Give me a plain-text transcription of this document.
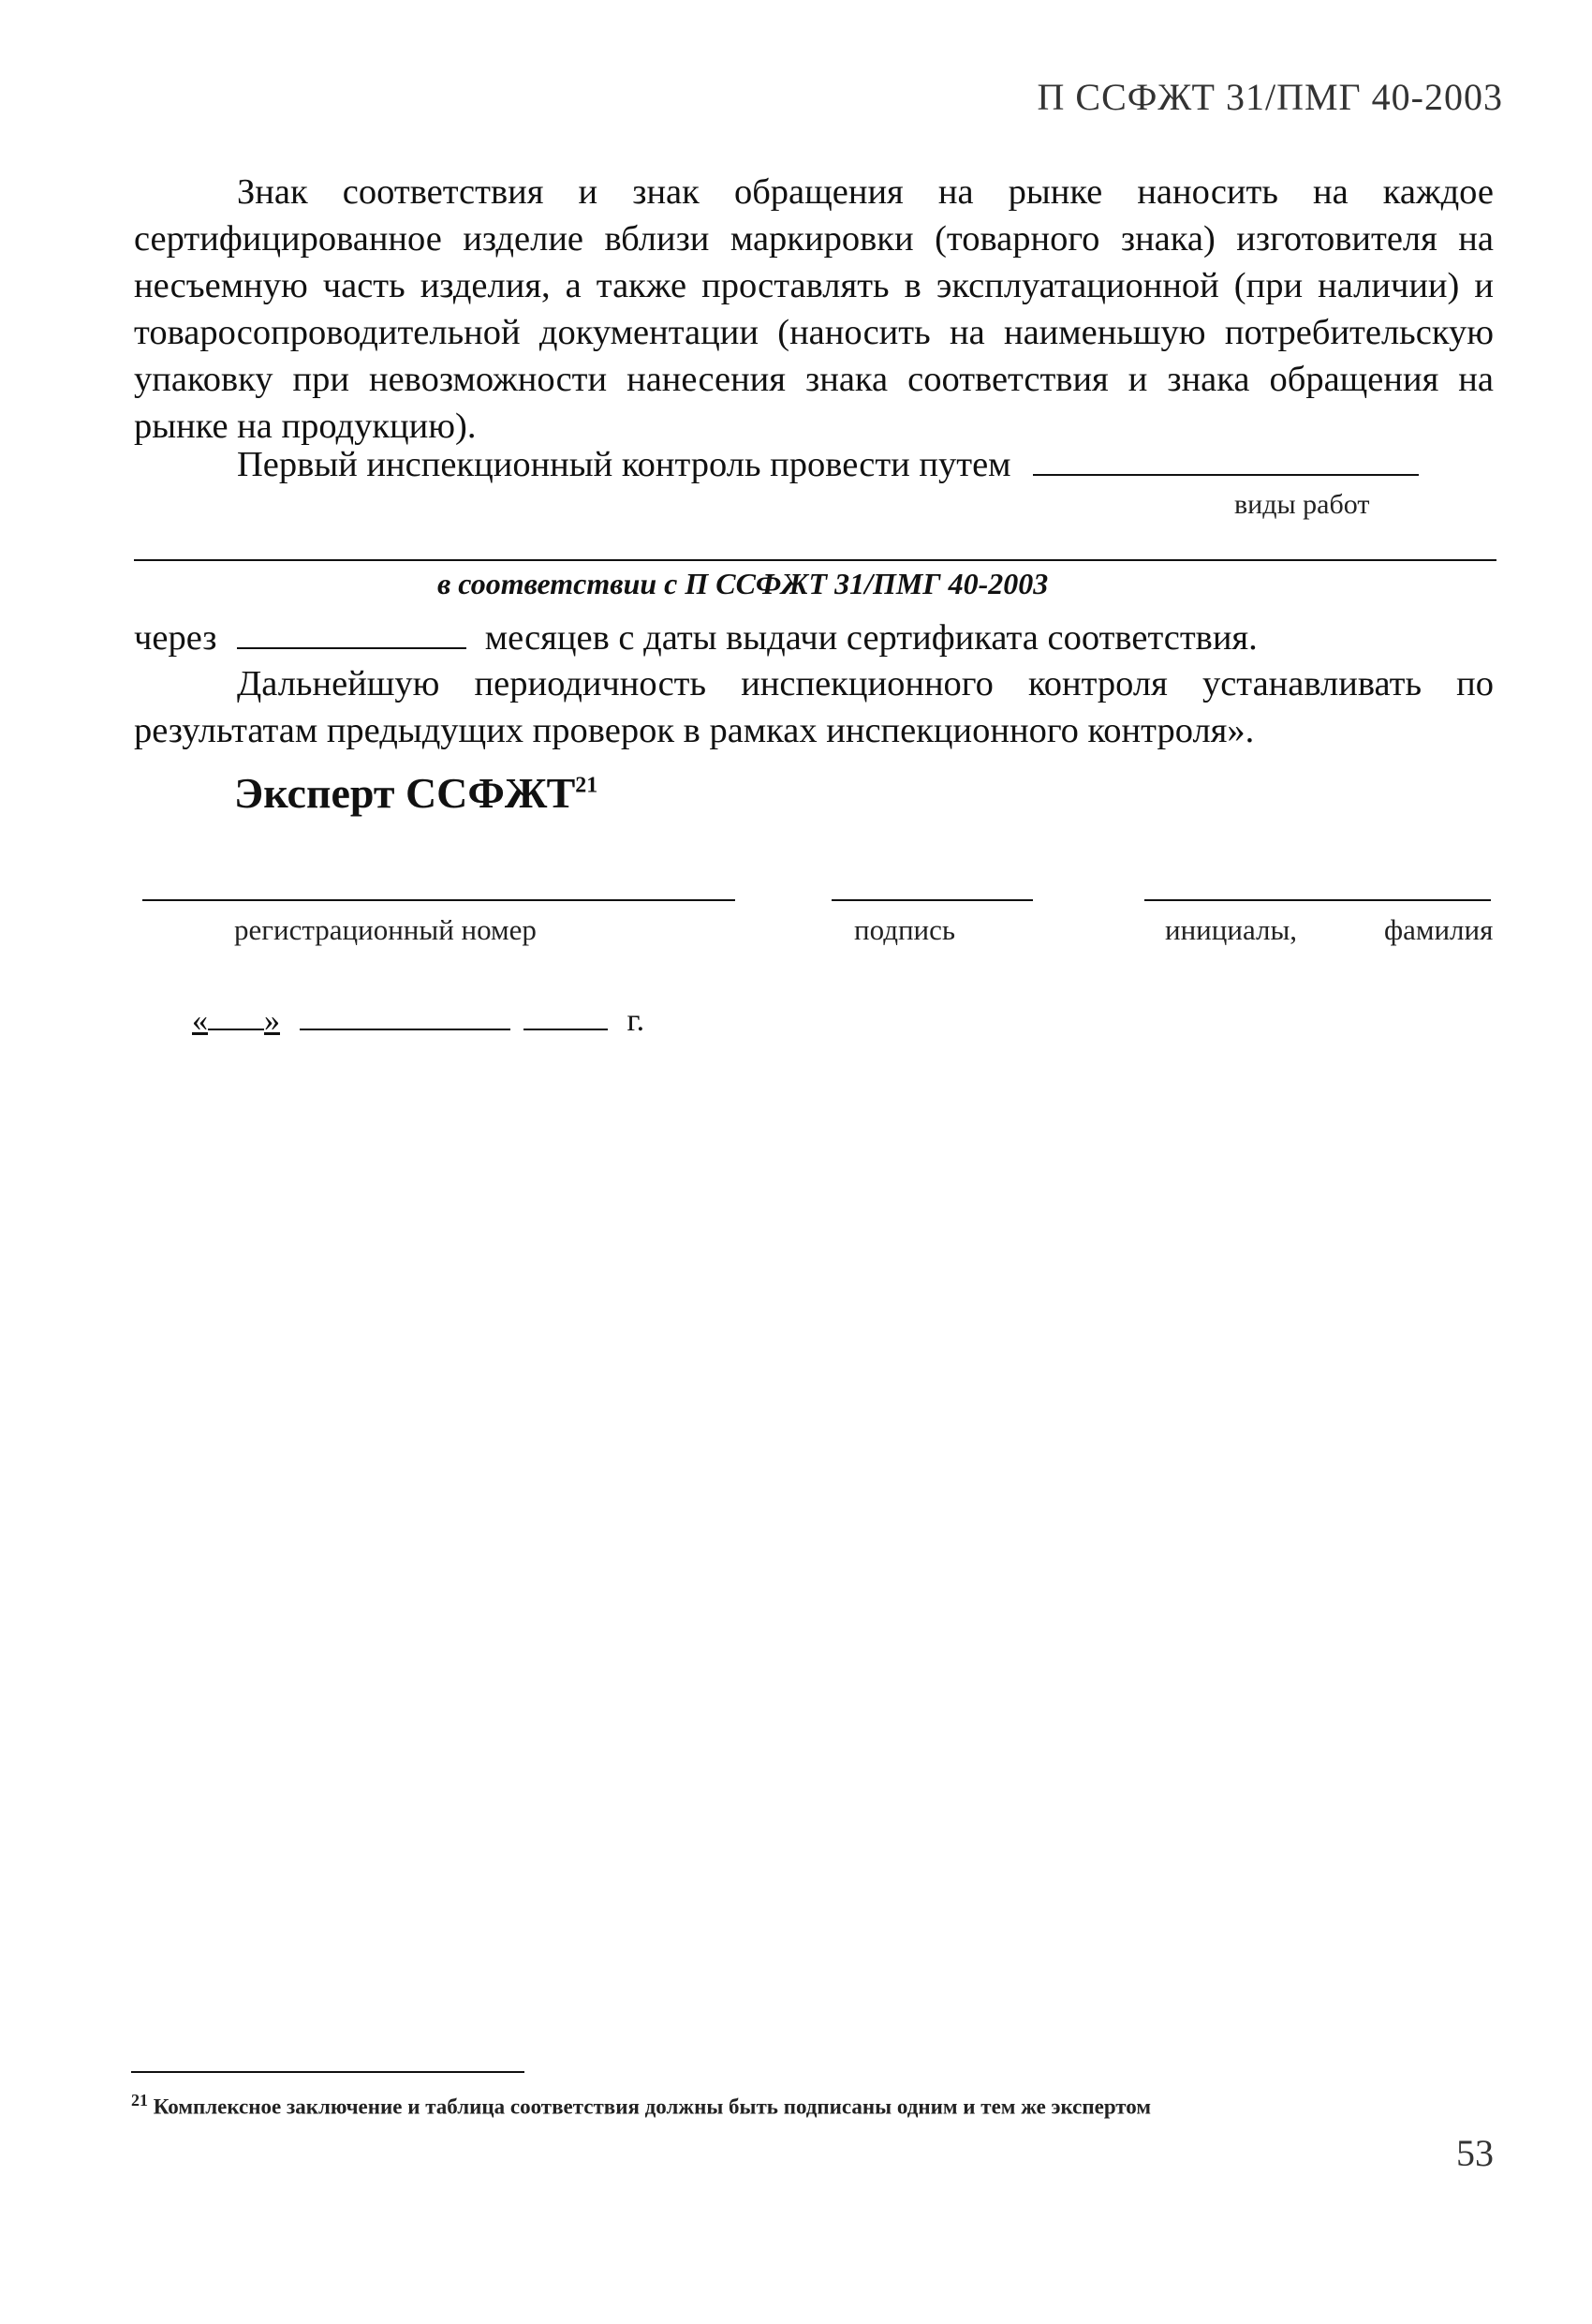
П ССФЖТ 31/ПМГ 40-2003
Знак соответствия и знак обращения на рынке наносить на каждое сертифицированное изделие вблизи маркировки (товарного знака) изготовителя на несъемную часть изделия, а также проставлять в эксплуатационной (при наличии) и товаросопроводительной документации (наносить на наименьшую потребительскую упаковку при невозможности нанесения знака соответствия и знака обращения на рынке на продукцию).
Первый инспекционный контроль провести путем
виды работ
в соответствии с П ССФЖТ 31/ПМГ 40-2003
через	месяцев с даты выдачи сертификата соответствия.
Дальнейшую периодичность инспекционного контроля устанавливать по результатам предыдущих проверок в рамках инспекционного контроля».
Эксперт ССФЖТ$^{21}$
регистрационный номер	подпись	инициалы,	фамилия
« »	г.
$^{21}$ Комплексное заключение и таблица соответствия должны быть подписаны одним и тем же экспертом
53
